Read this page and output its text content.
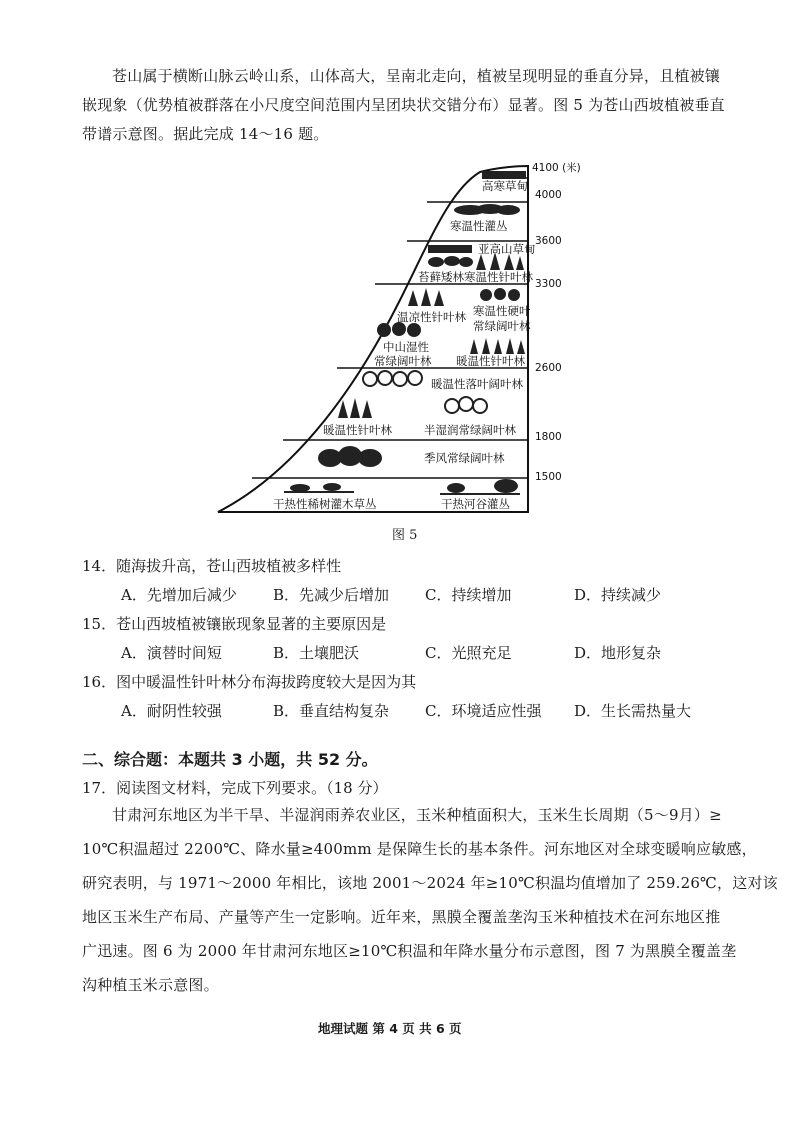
苍山属于横断山脉云岭山系，山体高大，呈南北走向，植被呈现明显的垂直分异，且植被镶
嵌现象（优势植被群落在小尺度空间范围内呈团块状交错分布）显著。图 5 为苍山西坡植被垂直
带谱示意图。据此完成 14～16 题。
4100 (米)
4000
3600
3300
2600
1800
1500
高寒草甸
寒温性灌丛
亚高山草甸
苔藓矮林 寒温性针叶林
温凉性针叶林 寒温性硬叶
常绿阔叶林
中山湿性
常绿阔叶林 暖温性针叶林
暖温性落叶阔叶林
暖温性针叶林	半湿润常绿阔叶林
季风常绿阔叶林
干热性稀树灌木草丛	干热河谷灌丛
图 5
14．随海拔升高，苍山西坡植被多样性
A．先增加后减少 B．先减少后增加 C．持续增加	D．持续减少
15．苍山西坡植被镶嵌现象显著的主要原因是
A．演替时间短	B．土壤肥沃	C．光照充足	D．地形复杂
16．图中暖温性针叶林分布海拔跨度较大是因为其
A．耐阴性较强	B．垂直结构复杂 C．环境适应性强 D．生长需热量大
二、综合题：本题共 3 小题，共 52 分。
17．阅读图文材料，完成下列要求。（18 分）
甘肃河东地区为半干旱、半湿润雨养农业区，玉米种植面积大，玉米生长周期（5～9月）≥
10℃积温超过 2200℃、降水量≥400mm 是保障生长的基本条件。河东地区对全球变暖响应敏感，
研究表明，与 1971～2000 年相比，该地 2001～2024 年≥10℃积温均值增加了 259.26℃，这对该
地区玉米生产布局、产量等产生一定影响。近年来，黑膜全覆盖垄沟玉米种植技术在河东地区推
广迅速。图 6 为 2000 年甘肃河东地区≥10℃积温和年降水量分布示意图，图 7 为黑膜全覆盖垄
沟种植玉米示意图。
地理试题 第 4 页 共 6 页
